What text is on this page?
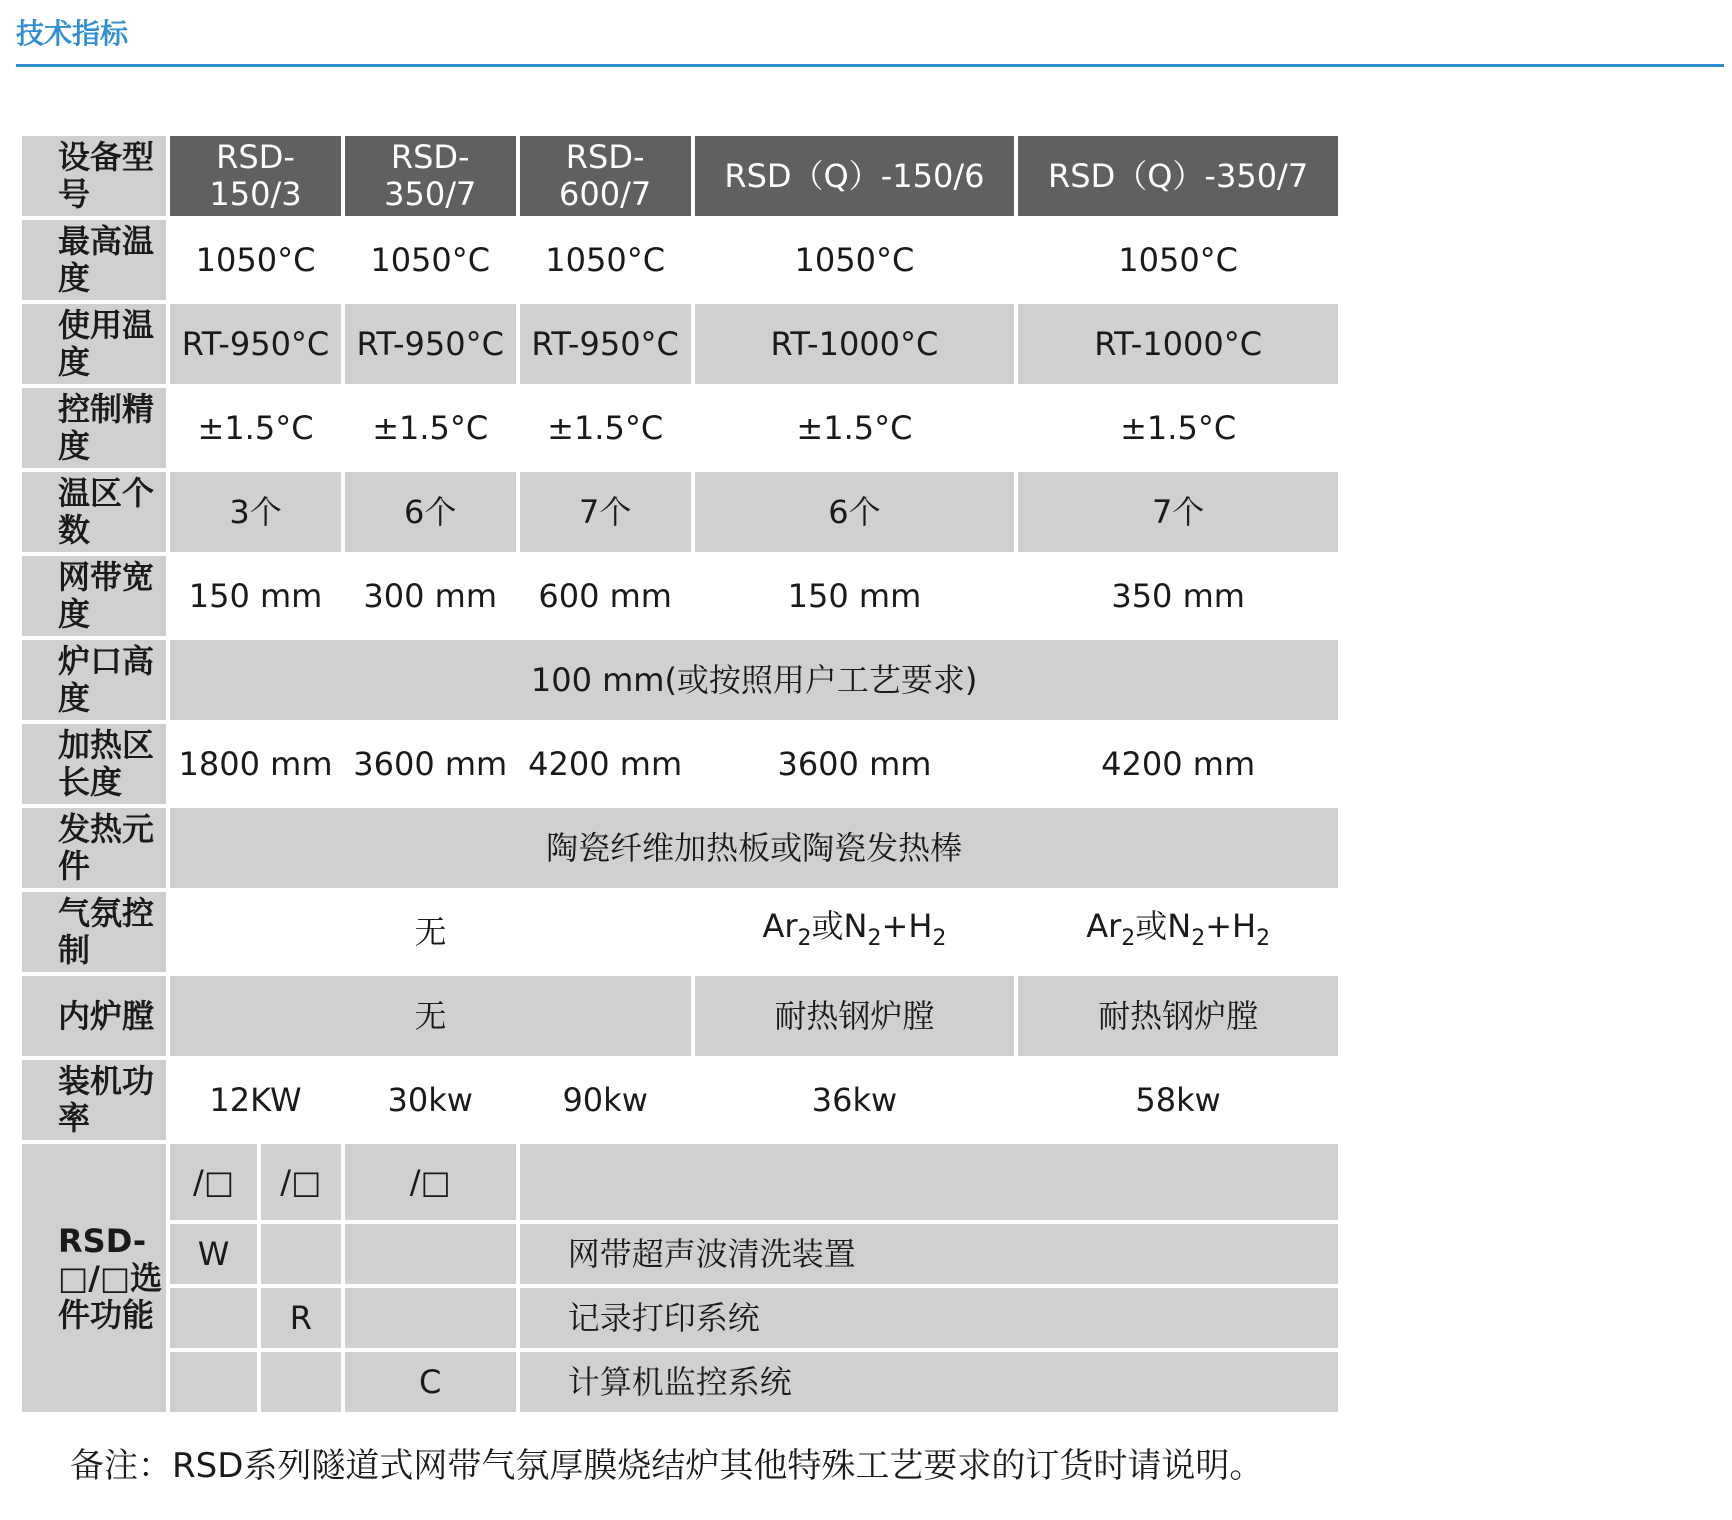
技术指标
设备型号	RSD-150/3		RSD-350/7	RSD-600/7	RSD（Q）-150/6	RSD（Q）-350/7
最高温度	1050°C		1050°C	1050°C	1050°C	1050°C
使用温度	RT-950°C		RT-950°C	RT-950°C	RT-1000°C	RT-1000°C
控制精度	±1.5°C		±1.5°C	±1.5°C	±1.5°C	±1.5°C
温区个数	3个		6个	7个	6个	7个
网带宽度	150 mm		300 mm	600 mm	150 mm	350 mm
炉口高度	100 mm(或按照用户工艺要求)					
加热区长度	1800 mm		3600 mm	4200 mm	3600 mm	4200 mm
发热元件	陶瓷纤维加热板或陶瓷发热棒					
气氛控制	无				$Ar_2$或$N_2+H_2$	$Ar_2$或$N_2+H_2$
内炉膛	无				耐热钢炉膛	耐热钢炉膛
装机功率	12KW		30kw	90kw	36kw	58kw
RSD-□/□选件功能	/□	/□	/□			
	W			网带超声波清洗装置		
		R		记录打印系统		
			C	计算机监控系统		
备注：RSD系列隧道式网带气氛厚膜烧结炉其他特殊工艺要求的订货时请说明。
